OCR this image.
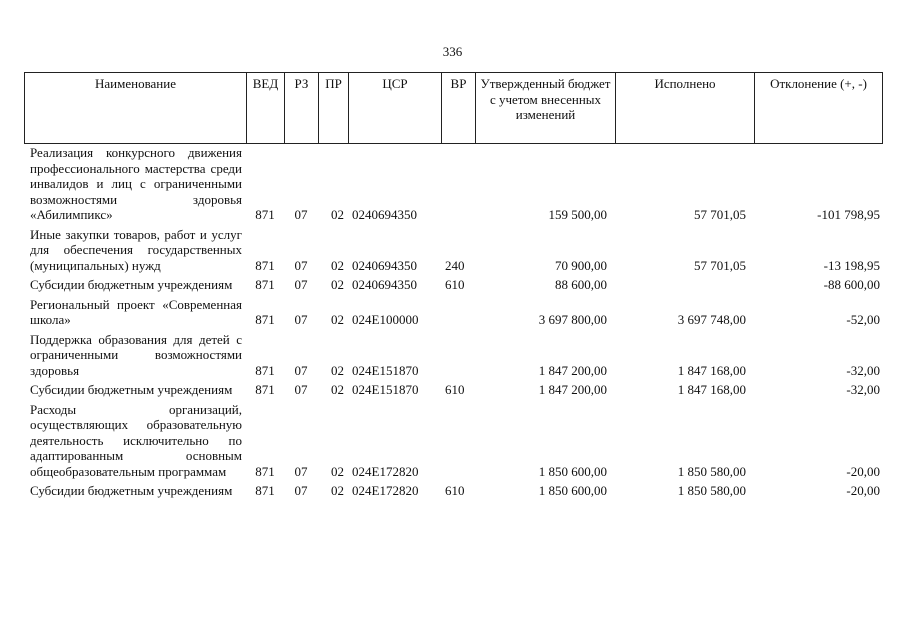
336
Наименование	ВЕД	РЗ	ПР	ЦСР	ВР	Утвержденный бюджет с учетом внесенных изменений	Исполнено	Отклонение (+, -)
Реализация конкурсного движения профессионального мастерства среди инвалидов и лиц с ограниченными возможностями здоровья «Абилимпикс»	871	07	02	0240694350		159 500,00	57 701,05	-101 798,95
Иные закупки товаров, работ и услуг для обеспечения государственных (муниципальных) нужд	871	07	02	0240694350	240	70 900,00	57 701,05	-13 198,95
Субсидии бюджетным учреждениям	871	07	02	0240694350	610	88 600,00		-88 600,00
Региональный проект «Современная школа»	871	07	02	024E100000		3 697 800,00	3 697 748,00	-52,00
Поддержка образования для детей с ограниченными возможностями здоровья	871	07	02	024E151870		1 847 200,00	1 847 168,00	-32,00
Субсидии бюджетным учреждениям	871	07	02	024E151870	610	1 847 200,00	1 847 168,00	-32,00
Расходы организаций, осуществляющих образовательную деятельность исключительно по адаптированным основным общеобразовательным программам	871	07	02	024E172820		1 850 600,00	1 850 580,00	-20,00
Субсидии бюджетным учреждениям	871	07	02	024E172820	610	1 850 600,00	1 850 580,00	-20,00
